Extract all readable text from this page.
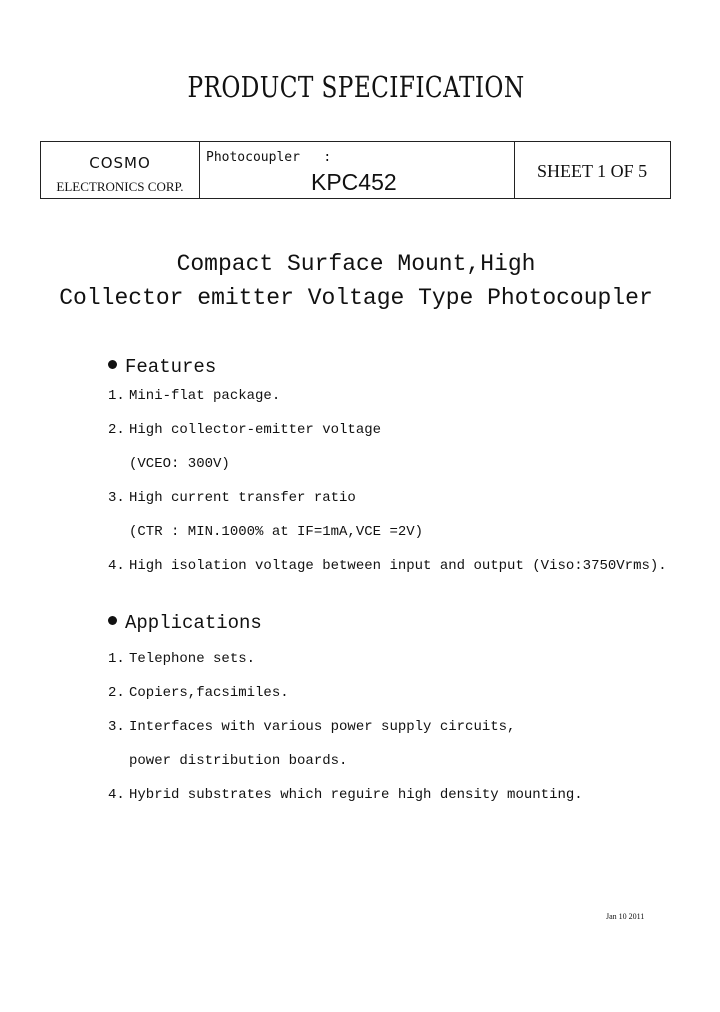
PRODUCT SPECIFICATION
cosmo
ELECTRONICS CORP.
Photocoupler   :
KPC452	SHEET 1 OF 5
Compact Surface Mount,High
Collector emitter Voltage Type Photocoupler
Features
1. Mini-flat package.
2. High collector-emitter voltage
(VCEO: 300V)
3. High current transfer ratio
(CTR : MIN.1000% at IF=1mA,VCE =2V)
4. High isolation voltage between input and output (Viso:3750Vrms).
Applications
1. Telephone sets.
2. Copiers,facsimiles.
3. Interfaces with various power supply circuits,
power distribution boards.
4. Hybrid substrates which reguire high density mounting.
Jan 10 2011
